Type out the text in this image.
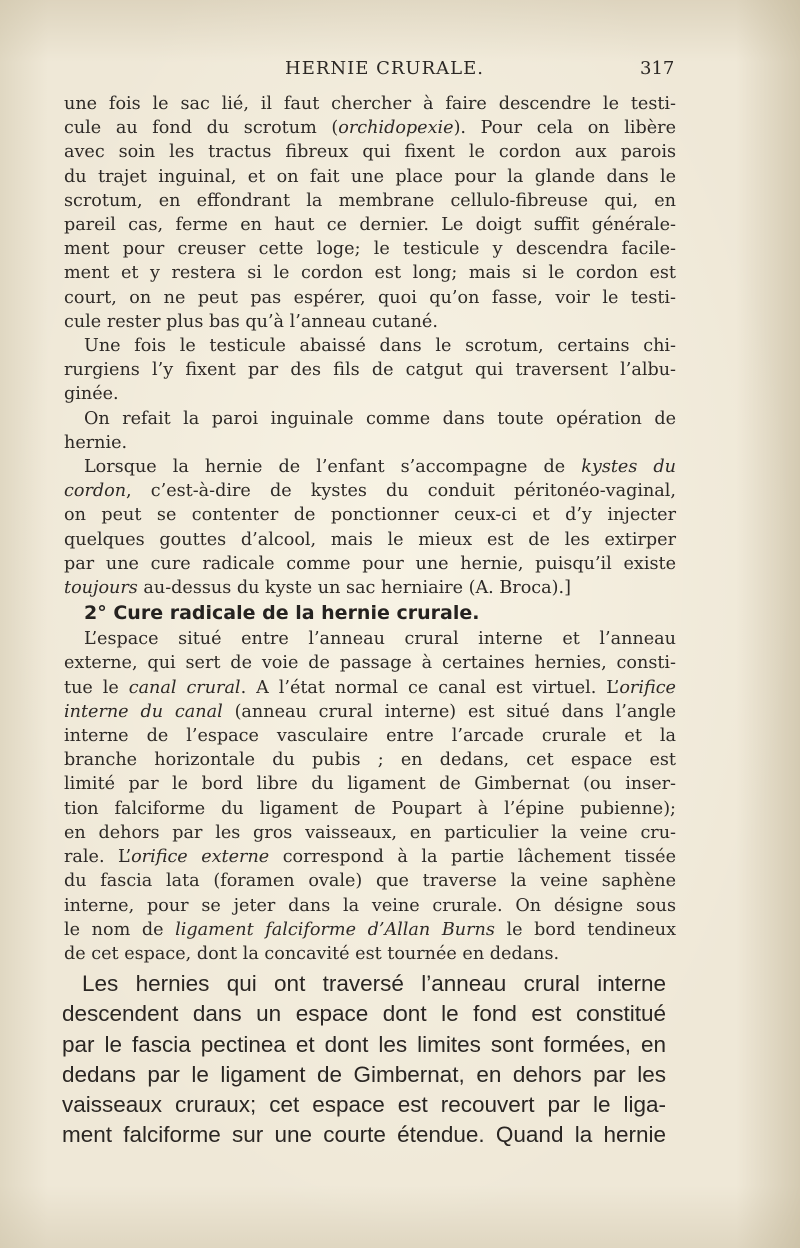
HERNIE CRURALE.	317
une fois le sac lié, il faut chercher à faire descendre le testi-
cule au fond du scrotum (orchidopexie). Pour cela on libère
avec soin les tractus fibreux qui fixent le cordon aux parois
du trajet inguinal, et on fait une place pour la glande dans le
scrotum, en effondrant la membrane cellulo-fibreuse qui, en
pareil cas, ferme en haut ce dernier. Le doigt suffit générale-
ment pour creuser cette loge; le testicule y descendra facile-
ment et y restera si le cordon est long; mais si le cordon est
court, on ne peut pas espérer, quoi qu’on fasse, voir le testi-
cule rester plus bas qu’à l’anneau cutané.
Une fois le testicule abaissé dans le scrotum, certains chi-
rurgiens l’y fixent par des fils de catgut qui traversent l’albu-
ginée.
On refait la paroi inguinale comme dans toute opération de
hernie.
Lorsque la hernie de l’enfant s’accompagne de kystes du
cordon, c’est-à-dire de kystes du conduit péritonéo-vaginal,
on peut se contenter de ponctionner ceux-ci et d’y injecter
quelques gouttes d’alcool, mais le mieux est de les extirper
par une cure radicale comme pour une hernie, puisqu’il existe
toujours au-dessus du kyste un sac herniaire (A. Broca).]
2° Cure radicale de la hernie crurale.
L’espace situé entre l’anneau crural interne et l’anneau
externe, qui sert de voie de passage à certaines hernies, consti-
tue le canal crural. A l’état normal ce canal est virtuel. L’orifice
interne du canal (anneau crural interne) est situé dans l’angle
interne de l’espace vasculaire entre l’arcade crurale et la
branche horizontale du pubis ; en dedans, cet espace est
limité par le bord libre du ligament de Gimbernat (ou inser-
tion falciforme du ligament de Poupart à l’épine pubienne);
en dehors par les gros vaisseaux, en particulier la veine cru-
rale. L’orifice externe correspond à la partie lâchement tissée
du fascia lata (foramen ovale) que traverse la veine saphène
interne, pour se jeter dans la veine crurale. On désigne sous
le nom de ligament falciforme d’Allan Burns le bord tendineux
de cet espace, dont la concavité est tournée en dedans.
Les hernies qui ont traversé l’anneau crural interne
descendent dans un espace dont le fond est constitué
par le fascia pectinea et dont les limites sont formées, en
dedans par le ligament de Gimbernat, en dehors par les
vaisseaux cruraux; cet espace est recouvert par le liga-
ment falciforme sur une courte étendue. Quand la hernie
